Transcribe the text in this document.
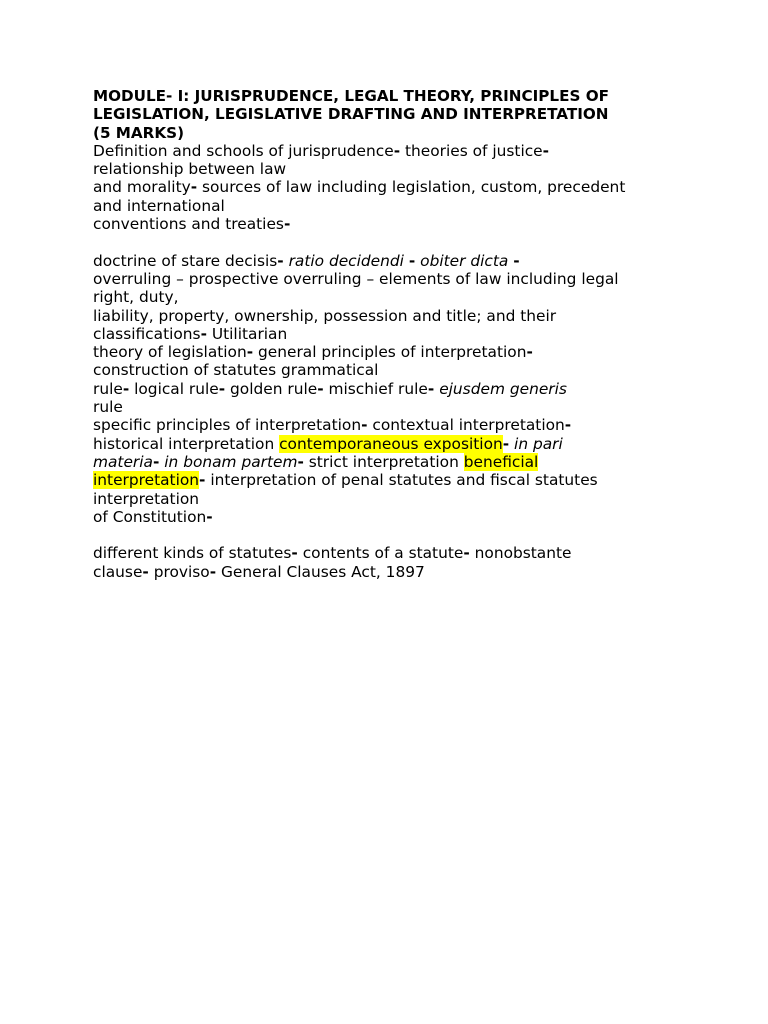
MODULE- I: JURISPRUDENCE, LEGAL THEORY, PRINCIPLES OF

LEGISLATION, LEGISLATIVE DRAFTING AND INTERPRETATION

(5 MARKS)

Definition and schools of jurisprudence- theories of justice-

relationship between law

and morality- sources of law including legislation, custom, precedent

and international

conventions and treaties-

doctrine of stare decisis- ratio decidendi - obiter dicta -

overruling – prospective overruling – elements of law including legal

right, duty,

liability, property, ownership, possession and title; and their

classifications- Utilitarian

theory of legislation- general principles of interpretation-

construction of statutes grammatical

rule- logical rule- golden rule- mischief rule- ejusdem generis

rule

specific principles of interpretation- contextual interpretation-

historical interpretation contemporaneous exposition- in pari

materia- in bonam partem- strict interpretation beneficial

interpretation- interpretation of penal statutes and fiscal statutes

interpretation

of Constitution-

different kinds of statutes- contents of a statute- nonobstante

clause- proviso- General Clauses Act, 1897
